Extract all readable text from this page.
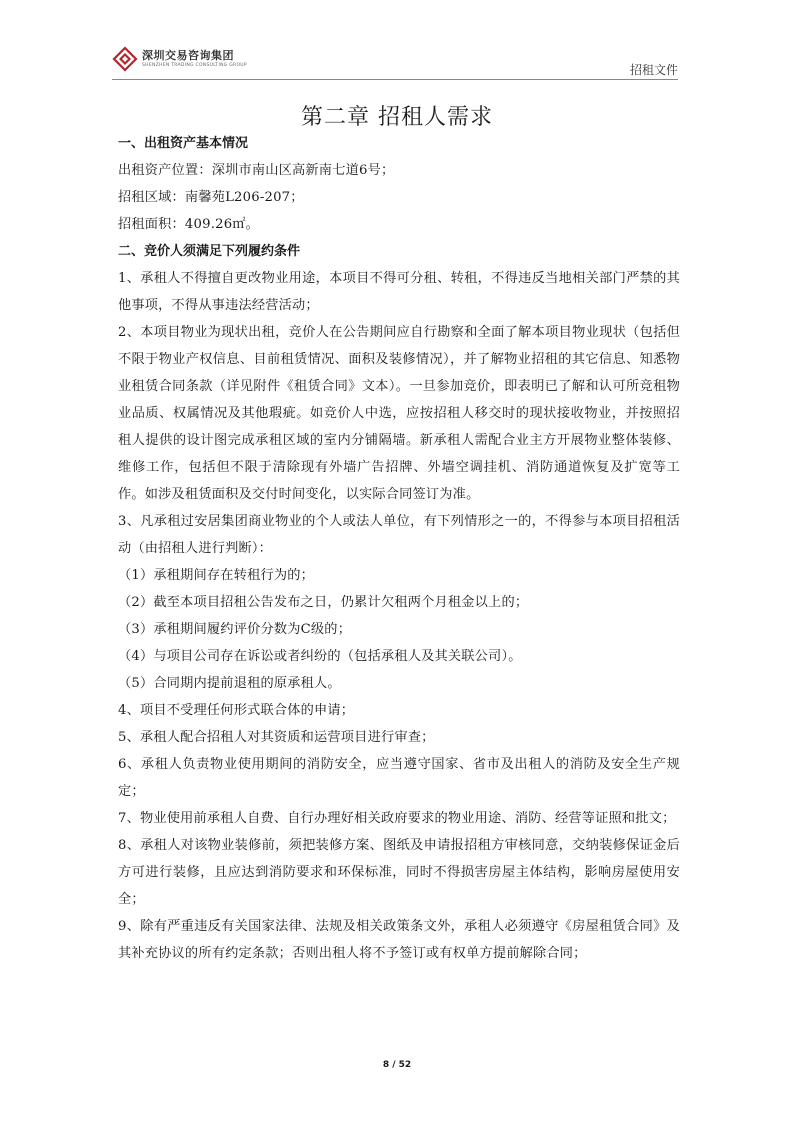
深圳交易咨询集团
SHENZHEN TRADING CONSULTING GROUP	招租文件
第二章 招租人需求

一、出租资产基本情况

出租资产位置：深圳市南山区高新南七道6号；

招租区域：南馨苑L206-207；

招租面积：409.26㎡。

二、竞价人须满足下列履约条件

1、承租人不得擅自更改物业用途，本项目不得可分租、转租，不得违反当地相关部门严禁的其他事项，不得从事违法经营活动；

2、本项目物业为现状出租，竞价人在公告期间应自行勘察和全面了解本项目物业现状（包括但不限于物业产权信息、目前租赁情况、面积及装修情况），并了解物业招租的其它信息、知悉物业租赁合同条款（详见附件《租赁合同》文本）。一旦参加竞价，即表明已了解和认可所竞租物业品质、权属情况及其他瑕疵。如竞价人中选，应按招租人移交时的现状接收物业，并按照招租人提供的设计图完成承租区域的室内分铺隔墙。新承租人需配合业主方开展物业整体装修、维修工作，包括但不限于清除现有外墙广告招牌、外墙空调挂机、消防通道恢复及扩宽等工作。如涉及租赁面积及交付时间变化，以实际合同签订为准。

3、凡承租过安居集团商业物业的个人或法人单位，有下列情形之一的，不得参与本项目招租活动（由招租人进行判断）：

（1）承租期间存在转租行为的；

（2）截至本项目招租公告发布之日，仍累计欠租两个月租金以上的；

（3）承租期间履约评价分数为C级的；

（4）与项目公司存在诉讼或者纠纷的（包括承租人及其关联公司）。

（5）合同期内提前退租的原承租人。

4、项目不受理任何形式联合体的申请；

5、承租人配合招租人对其资质和运营项目进行审查；

6、承租人负责物业使用期间的消防安全，应当遵守国家、省市及出租人的消防及安全生产规定；

7、物业使用前承租人自费、自行办理好相关政府要求的物业用途、消防、经营等证照和批文；

8、承租人对该物业装修前，须把装修方案、图纸及申请报招租方审核同意，交纳装修保证金后方可进行装修，且应达到消防要求和环保标准，同时不得损害房屋主体结构，影响房屋使用安全；

9、除有严重违反有关国家法律、法规及相关政策条文外，承租人必须遵守《房屋租赁合同》及其补充协议的所有约定条款；否则出租人将不予签订或有权单方提前解除合同；

8 / 52
